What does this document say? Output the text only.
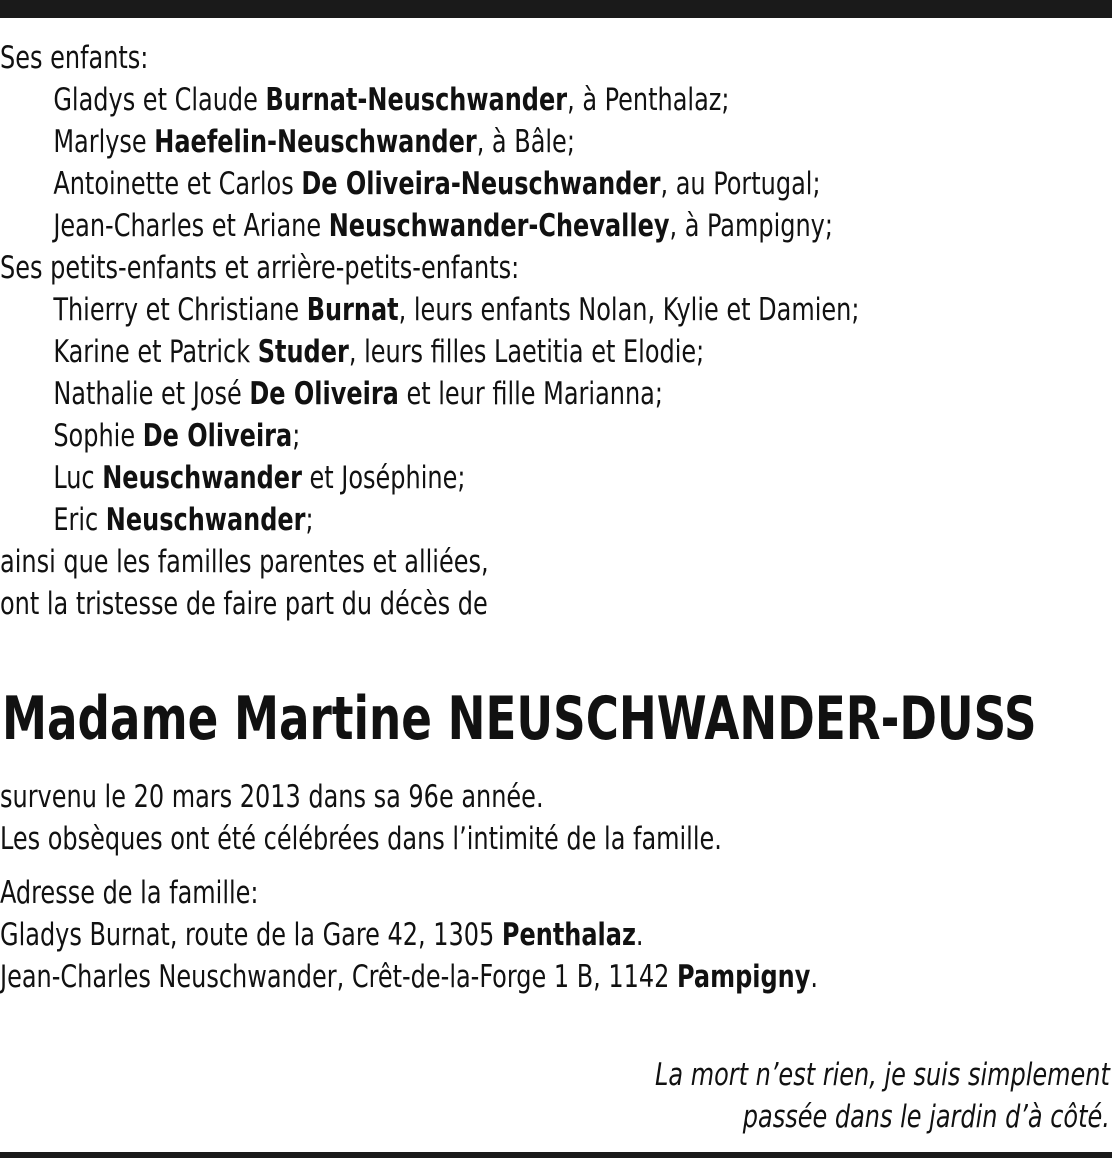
Ses enfants:
Gladys et Claude Burnat-Neuschwander, à Penthalaz;
Marlyse Haefelin-Neuschwander, à Bâle;
Antoinette et Carlos De Oliveira-Neuschwander, au Portugal;
Jean-Charles et Ariane Neuschwander-Chevalley, à Pampigny;
Ses petits-enfants et arrière-petits-enfants:
Thierry et Christiane Burnat, leurs enfants Nolan, Kylie et Damien;
Karine et Patrick Studer, leurs filles Laetitia et Elodie;
Nathalie et José De Oliveira et leur fille Marianna;
Sophie De Oliveira;
Luc Neuschwander et Joséphine;
Eric Neuschwander;
ainsi que les familles parentes et alliées,
ont la tristesse de faire part du décès de
Madame Martine NEUSCHWANDER-DUSS
survenu le 20 mars 2013 dans sa 96e année.
Les obsèques ont été célébrées dans l’intimité de la famille.
Adresse de la famille:
Gladys Burnat, route de la Gare 42, 1305 Penthalaz.
Jean-Charles Neuschwander, Crêt-de-la-Forge 1 B, 1142 Pampigny.
La mort n’est rien, je suis simplement
passée dans le jardin d’à côté.
